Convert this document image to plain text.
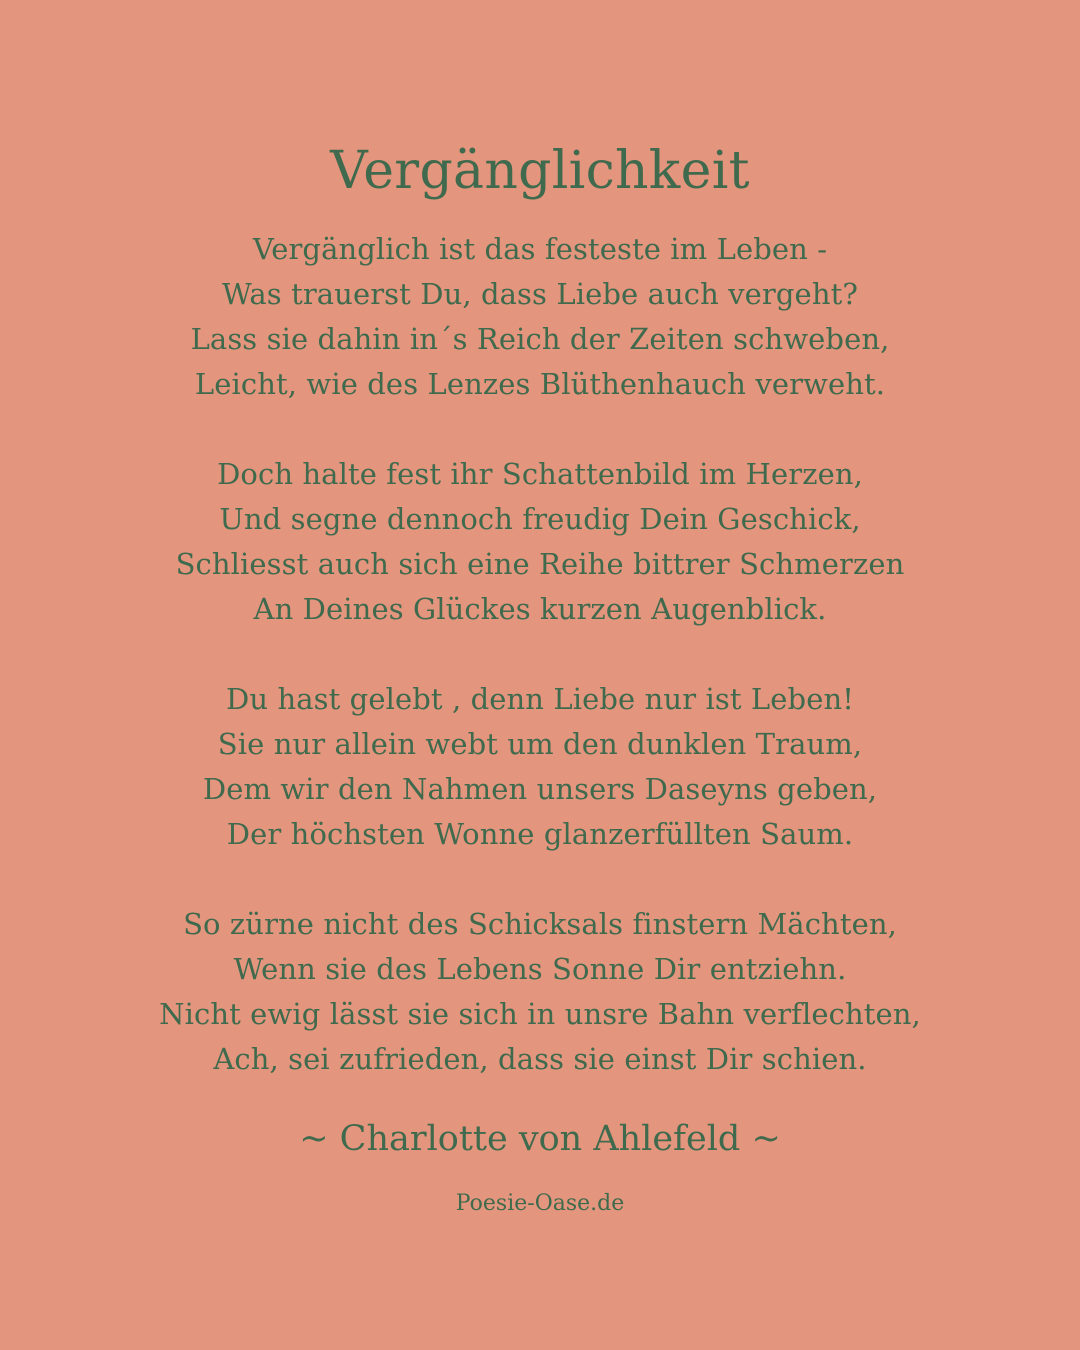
Vergänglichkeit
Vergänglich ist das festeste im Leben -
Was trauerst Du, dass Liebe auch vergeht?
Lass sie dahin in´s Reich der Zeiten schweben,
Leicht, wie des Lenzes Blüthenhauch verweht.
Doch halte fest ihr Schattenbild im Herzen,
Und segne dennoch freudig Dein Geschick,
Schliesst auch sich eine Reihe bittrer Schmerzen
An Deines Glückes kurzen Augenblick.
Du hast gelebt , denn Liebe nur ist Leben!
Sie nur allein webt um den dunklen Traum,
Dem wir den Nahmen unsers Daseyns geben,
Der höchsten Wonne glanzerfüllten Saum.
So zürne nicht des Schicksals finstern Mächten,
Wenn sie des Lebens Sonne Dir entziehn.
Nicht ewig lässt sie sich in unsre Bahn verflechten,
Ach, sei zufrieden, dass sie einst Dir schien.
~ Charlotte von Ahlefeld ~
Poesie-Oase.de
